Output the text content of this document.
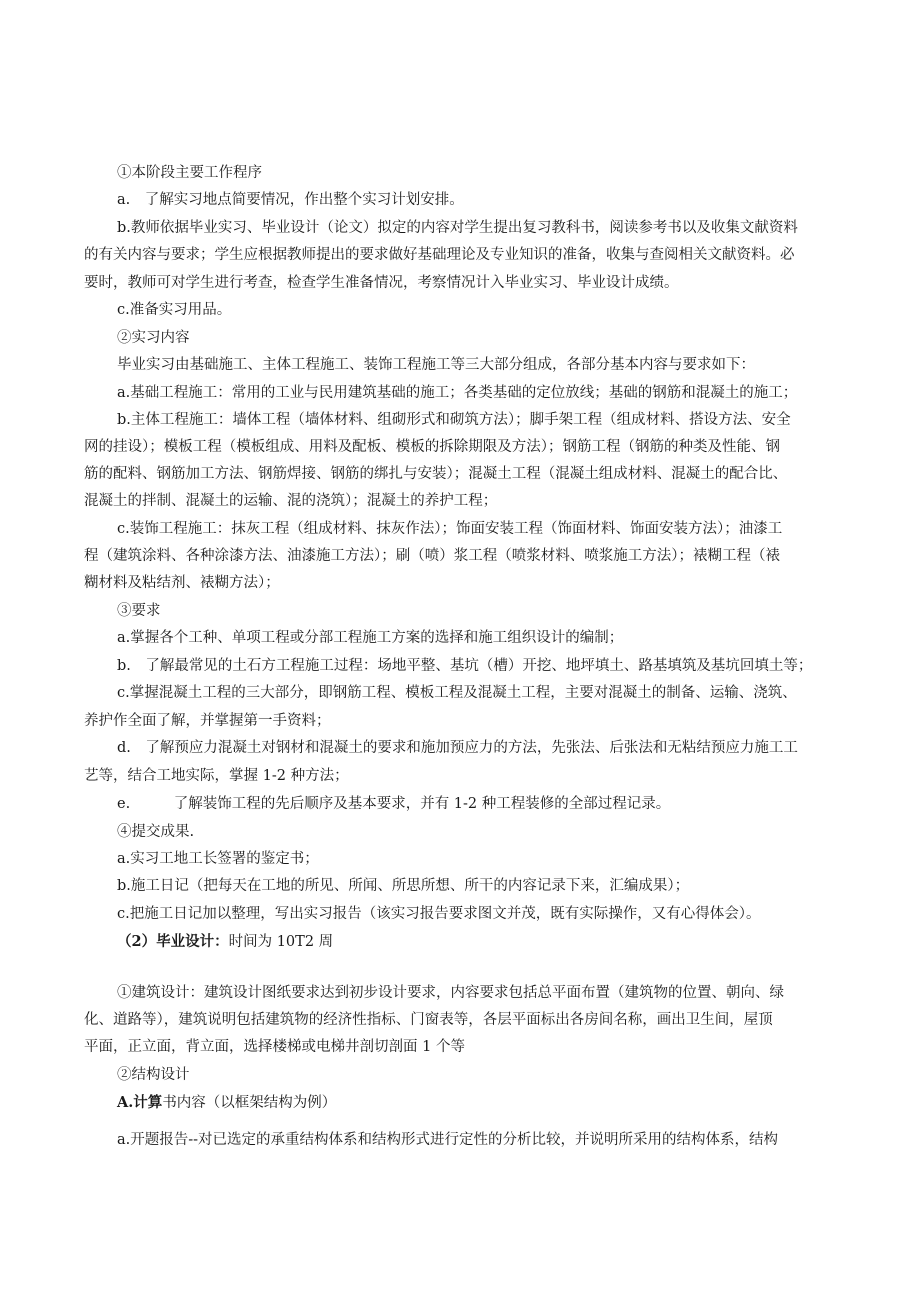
①本阶段主要工作程序
a.　了解实习地点简要情况，作出整个实习计划安排。
b.教师依据毕业实习、毕业设计（论文）拟定的内容对学生提出复习教科书，阅读参考书以及收集文献资料
的有关内容与要求；学生应根据教师提出的要求做好基础理论及专业知识的准备，收集与查阅相关文献资料。必
要时，教师可对学生进行考查，检查学生准备情况，考察情况计入毕业实习、毕业设计成绩。
c.准备实习用品。
②实习内容
毕业实习由基础施工、主体工程施工、装饰工程施工等三大部分组成，各部分基本内容与要求如下：
a.基础工程施工：常用的工业与民用建筑基础的施工；各类基础的定位放线；基础的钢筋和混凝土的施工；
b.主体工程施工：墙体工程（墙体材料、组砌形式和砌筑方法）；脚手架工程（组成材料、搭设方法、安全
网的挂设）；模板工程（模板组成、用料及配板、模板的拆除期限及方法）；钢筋工程（钢筋的种类及性能、钢
筋的配料、钢筋加工方法、钢筋焊接、钢筋的绑扎与安装）；混凝土工程（混凝土组成材料、混凝土的配合比、
混凝土的拌制、混凝土的运输、混的浇筑）；混凝土的养护工程；
c.装饰工程施工：抹灰工程（组成材料、抹灰作法）；饰面安装工程（饰面材料、饰面安装方法）；油漆工
程（建筑涂料、各种涂漆方法、油漆施工方法）；刷（喷）浆工程（喷浆材料、喷浆施工方法）；裱糊工程（裱
糊材料及粘结剂、裱糊方法）；
③要求
a.掌握各个工种、单项工程或分部工程施工方案的选择和施工组织设计的编制；
b.　了解最常见的土石方工程施工过程：场地平整、基坑（槽）开挖、地坪填土、路基填筑及基坑回填土等；
c.掌握混凝土工程的三大部分，即钢筋工程、模板工程及混凝土工程，主要对混凝土的制备、运输、浇筑、
养护作全面了解，并掌握第一手资料；
d.　了解预应力混凝土对钢材和混凝土的要求和施加预应力的方法，先张法、后张法和无粘结预应力施工工
艺等，结合工地实际，掌握 1-2 种方法；
e.　　　了解装饰工程的先后顺序及基本要求，并有 1-2 种工程装修的全部过程记录。
④提交成果.
a.实习工地工长签署的鉴定书；
b.施工日记（把每天在工地的所见、所闻、所思所想、所干的内容记录下来，汇编成果）；
c.把施工日记加以整理，写出实习报告（该实习报告要求图文并茂，既有实际操作，又有心得体会）。
（2）毕业设计：时间为 10T2 周
①建筑设计：建筑设计图纸要求达到初步设计要求，内容要求包括总平面布置（建筑物的位置、朝向、绿
化、道路等），建筑说明包括建筑物的经济性指标、门窗表等，各层平面标出各房间名称，画出卫生间，屋顶
平面，正立面，背立面，选择楼梯或电梯井剖切剖面 1 个等
②结构设计
A.计算书内容（以框架结构为例）
a.开题报告--对已选定的承重结构体系和结构形式进行定性的分析比较，并说明所采用的结构体系，结构
